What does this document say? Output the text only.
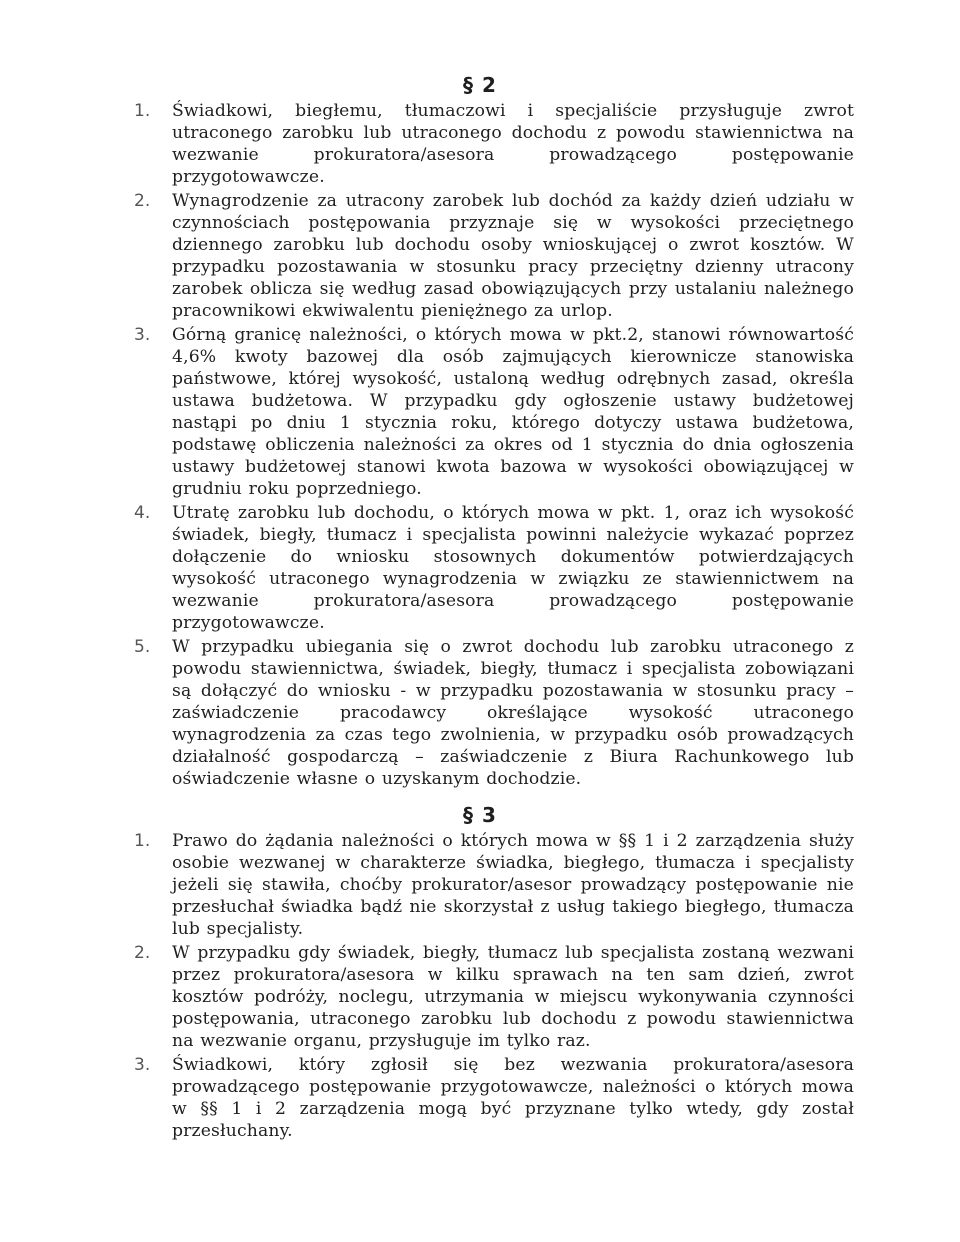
§ 2
1.	Świadkowi, biegłemu, tłumaczowi i specjaliście przysługuje zwrot utraconego zarobku lub utraconego dochodu z powodu stawiennictwa na wezwanie prokuratora/asesora prowadzącego postępowanie przygotowawcze.

2.	Wynagrodzenie za utracony zarobek lub dochód za każdy dzień udziału w czynnościach postępowania przyznaje się w wysokości przeciętnego dziennego zarobku lub dochodu osoby wnioskującej o zwrot kosztów. W przypadku pozostawania w stosunku pracy przeciętny dzienny utracony zarobek oblicza się według zasad obowiązujących przy ustalaniu należnego pracownikowi ekwiwalentu pieniężnego za urlop.

3.	Górną granicę należności, o których mowa w pkt.2, stanowi równowartość 4,6% kwoty bazowej dla osób zajmujących kierownicze stanowiska państwowe, której wysokość, ustaloną według odrębnych zasad, określa ustawa budżetowa. W przypadku gdy ogłoszenie ustawy budżetowej nastąpi po dniu 1 stycznia roku, którego dotyczy ustawa budżetowa, podstawę obliczenia należności za okres od 1 stycznia do dnia ogłoszenia ustawy budżetowej stanowi kwota bazowa w wysokości obowiązującej w grudniu roku poprzedniego.

4.	Utratę zarobku lub dochodu, o których mowa w pkt. 1, oraz ich wysokość świadek, biegły, tłumacz i specjalista powinni należycie wykazać poprzez dołączenie do wniosku stosownych dokumentów potwierdzających wysokość utraconego wynagrodzenia w związku ze stawiennictwem na wezwanie prokuratora/asesora prowadzącego postępowanie przygotowawcze.

5.	W przypadku ubiegania się o zwrot dochodu lub zarobku utraconego z powodu stawiennictwa, świadek, biegły, tłumacz i specjalista zobowiązani są dołączyć do wniosku - w przypadku pozostawania w stosunku pracy – zaświadczenie pracodawcy określające wysokość utraconego wynagrodzenia za czas tego zwolnienia, w przypadku osób prowadzących działalność gospodarczą – zaświadczenie z Biura Rachunkowego lub oświadczenie własne o uzyskanym dochodzie.

§ 3
1.	Prawo do żądania należności o których mowa w §§ 1 i 2 zarządzenia służy osobie wezwanej w charakterze świadka, biegłego, tłumacza i specjalisty jeżeli się stawiła, choćby prokurator/asesor prowadzący postępowanie nie przesłuchał świadka bądź nie skorzystał z usług takiego biegłego, tłumacza lub specjalisty.

2.	W przypadku gdy świadek, biegły, tłumacz lub specjalista zostaną wezwani przez prokuratora/asesora w kilku sprawach na ten sam dzień, zwrot kosztów podróży, noclegu, utrzymania w miejscu wykonywania czynności postępowania, utraconego zarobku lub dochodu z powodu stawiennictwa na wezwanie organu, przysługuje im tylko raz.

3.	Świadkowi, który zgłosił się bez wezwania prokuratora/asesora prowadzącego postępowanie przygotowawcze, należności o których mowa w §§ 1 i 2 zarządzenia mogą być przyznane tylko wtedy, gdy został przesłuchany.
